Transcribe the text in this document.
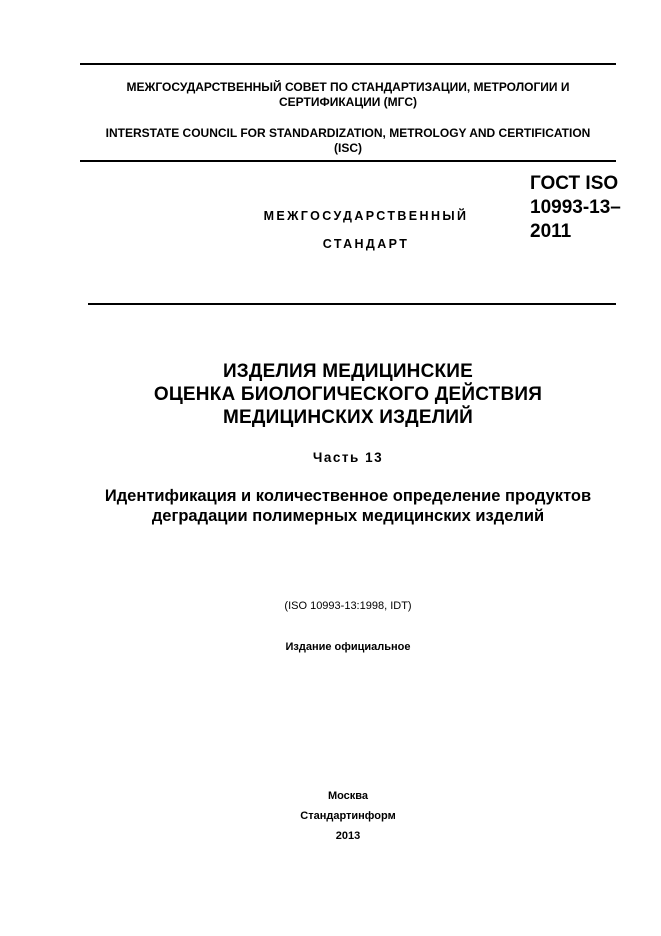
МЕЖГОСУДАРСТВЕННЫЙ СОВЕТ ПО СТАНДАРТИЗАЦИИ, МЕТРОЛОГИИ И СЕРТИФИКАЦИИ (МГС)
INTERSTATE COUNCIL FOR STANDARDIZATION, METROLOGY AND CERTIFICATION (ISC)
МЕЖГОСУДАРСТВЕННЫЙ
СТАНДАРТ
ГОСТ ISO
10993-13–
2011
ИЗДЕЛИЯ МЕДИЦИНСКИЕ
ОЦЕНКА БИОЛОГИЧЕСКОГО ДЕЙСТВИЯ
МЕДИЦИНСКИХ ИЗДЕЛИЙ
Часть 13
Идентификация и количественное определение продуктов
деградации полимерных медицинских изделий
(ISO 10993-13:1998, IDT)
Издание официальное
Москва
Стандартинформ
2013
